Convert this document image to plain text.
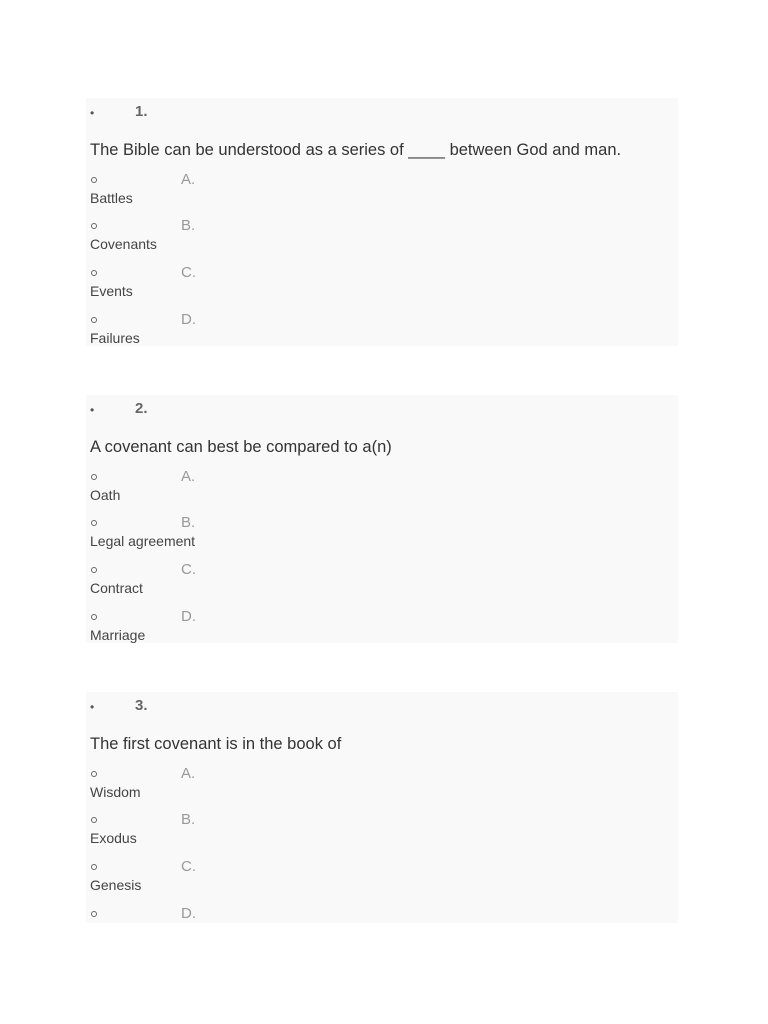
•	1.
The Bible can be understood as a series of ____ between God and man.
A.
Battles
B.
Covenants
C.
Events
D.
Failures
•	2.
A covenant can best be compared to a(n)
A.
Oath
B.
Legal agreement
C.
Contract
D.
Marriage
•	3.
The first covenant is in the book of
A.
Wisdom
B.
Exodus
C.
Genesis
D.
